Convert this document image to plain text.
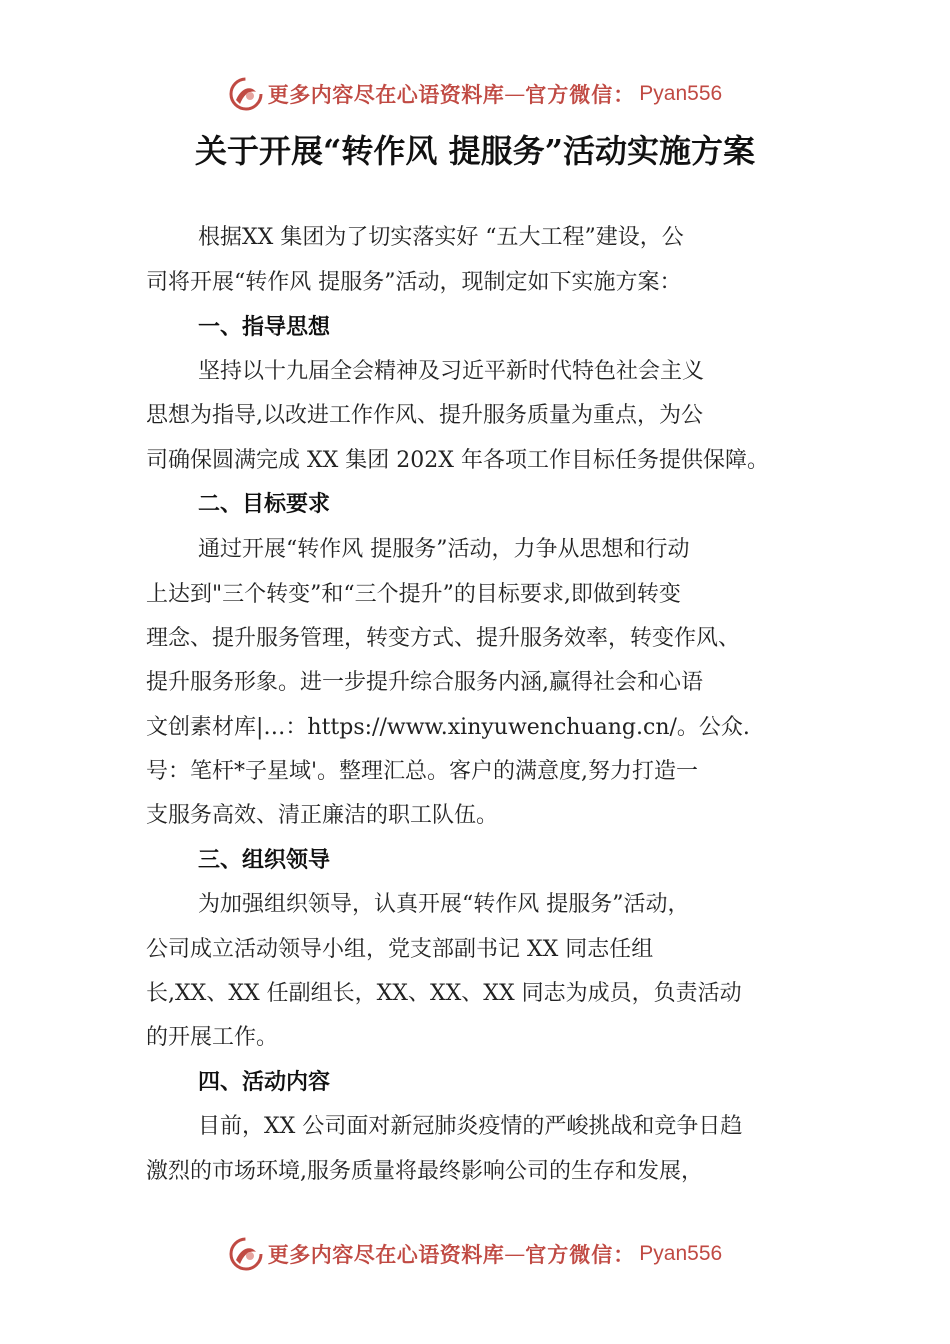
更多内容尽在心语资料库 — 官方微信： Pyan556
关于开展“转作风 提服务”活动实施方案
根据XX 集团为了切实落实好 “五大工程”建设，公
司将开展“转作风 提服务”活动，现制定如下实施方案：
一、指导思想
坚持以十九届全会精神及习近平新时代特色社会主义
思想为指导,以改进工作作风、提升服务质量为重点，为公
司确保圆满完成 XX 集团 202X 年各项工作目标任务提供保障。
二、目标要求
通过开展“转作风 提服务”活动，力争从思想和行动
上达到"三个转变”和“三个提升”的目标要求,即做到转变
理念、提升服务管理，转变方式、提升服务效率，转变作风、
提升服务形象。进一步提升综合服务内涵,赢得社会和心语
文创素材库|…：https://www.xinyuwenchuang.cn/。公众.
号：笔杆*子星域'。整理汇总。客户的满意度,努力打造一
支服务高效、清正廉洁的职工队伍。
三、组织领导
为加强组织领导，认真开展“转作风 提服务”活动，
公司成立活动领导小组，党支部副书记 XX 同志任组
长,XX、XX 任副组长，XX、XX、XX 同志为成员，负责活动
的开展工作。
四、活动内容
目前，XX 公司面对新冠肺炎疫情的严峻挑战和竞争日趋
激烈的市场环境,服务质量将最终影响公司的生存和发展，
更多内容尽在心语资料库 — 官方微信： Pyan556
